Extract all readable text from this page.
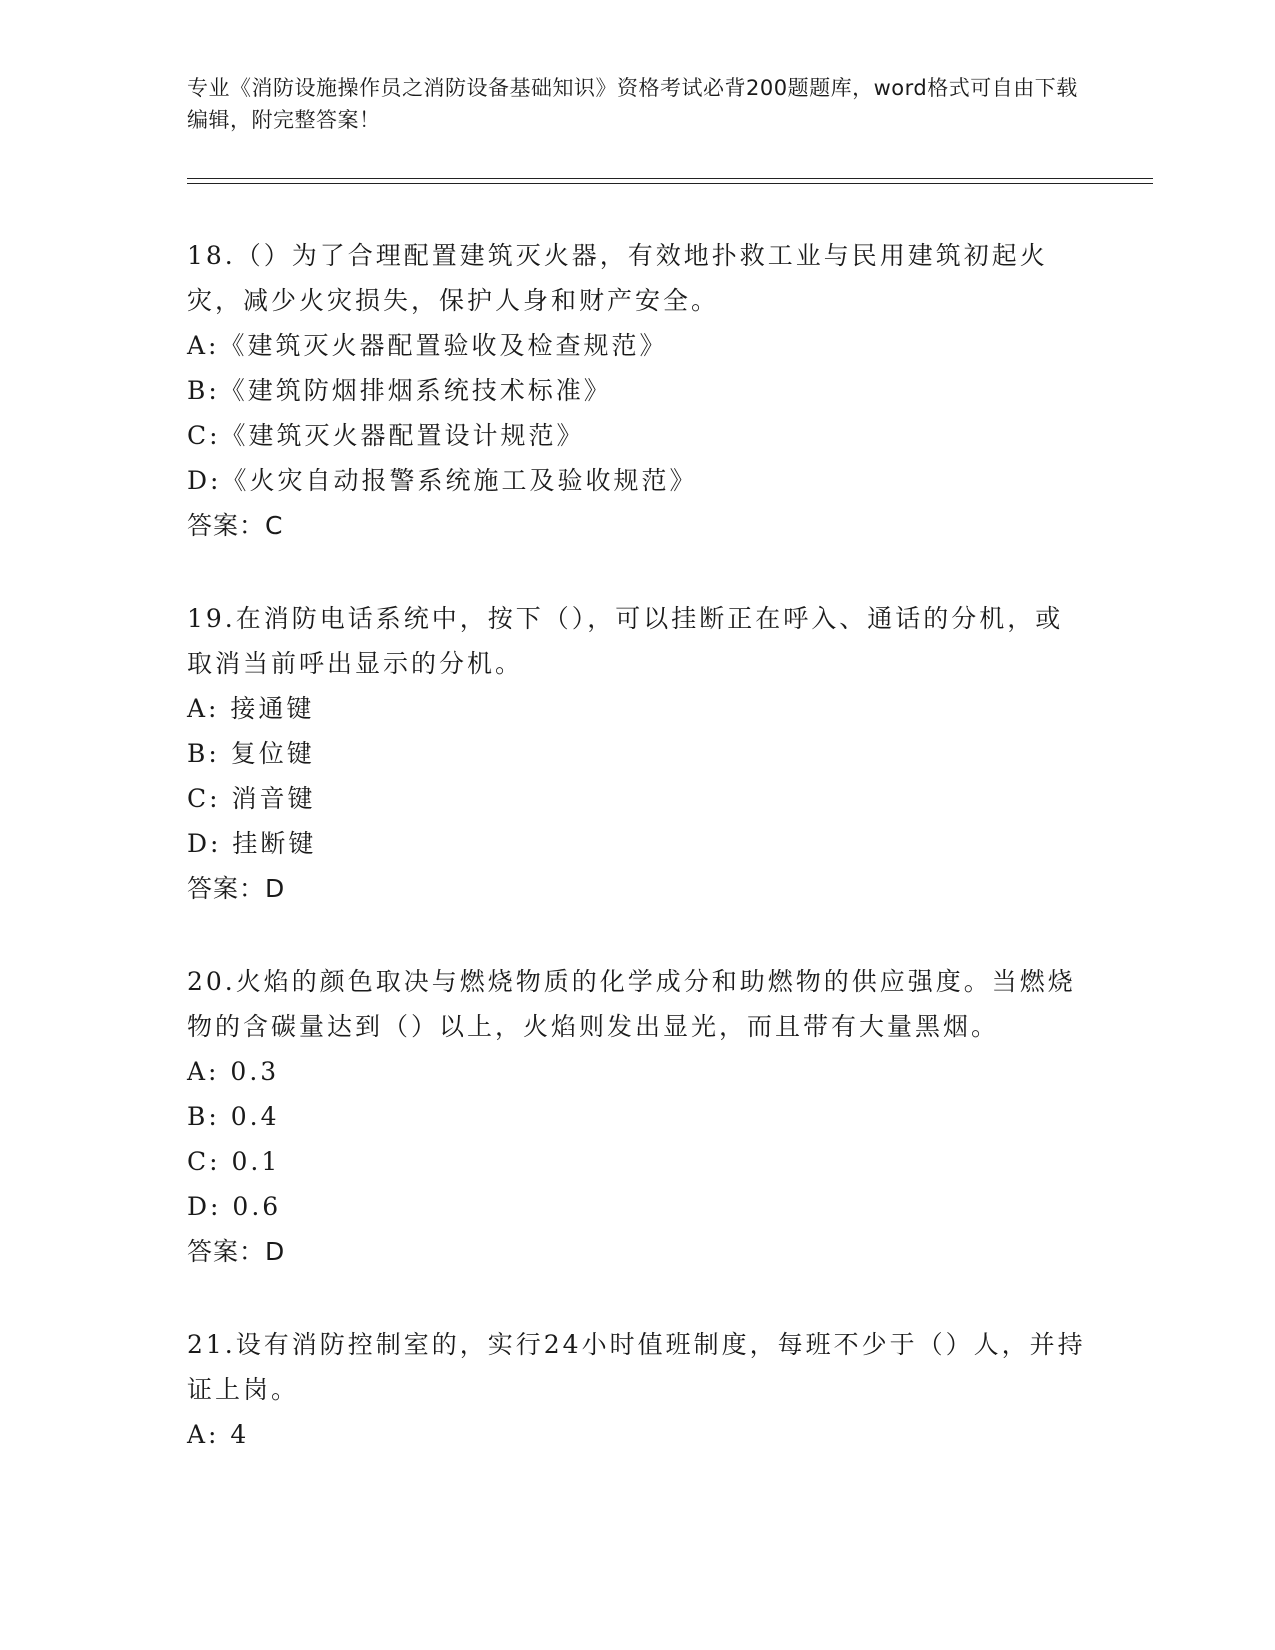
专业《消防设施操作员之消防设备基础知识》资格考试必背200题题库，word格式可自由下载编辑，附完整答案！
18.（）为了合理配置建筑灭火器，有效地扑救工业与民用建筑初起火灾，减少火灾损失，保护人身和财产安全。
A:《建筑灭火器配置验收及检查规范》
B:《建筑防烟排烟系统技术标准》
C:《建筑灭火器配置设计规范》
D:《火灾自动报警系统施工及验收规范》
答案：C
19.在消防电话系统中，按下（），可以挂断正在呼入、通话的分机，或取消当前呼出显示的分机。
A: 接通键
B: 复位键
C: 消音键
D: 挂断键
答案：D
20.火焰的颜色取决与燃烧物质的化学成分和助燃物的供应强度。当燃烧物的含碳量达到（）以上，火焰则发出显光，而且带有大量黑烟。
A: 0.3
B: 0.4
C: 0.1
D: 0.6
答案：D
21.设有消防控制室的，实行24小时值班制度，每班不少于（）人，并持证上岗。
A: 4
